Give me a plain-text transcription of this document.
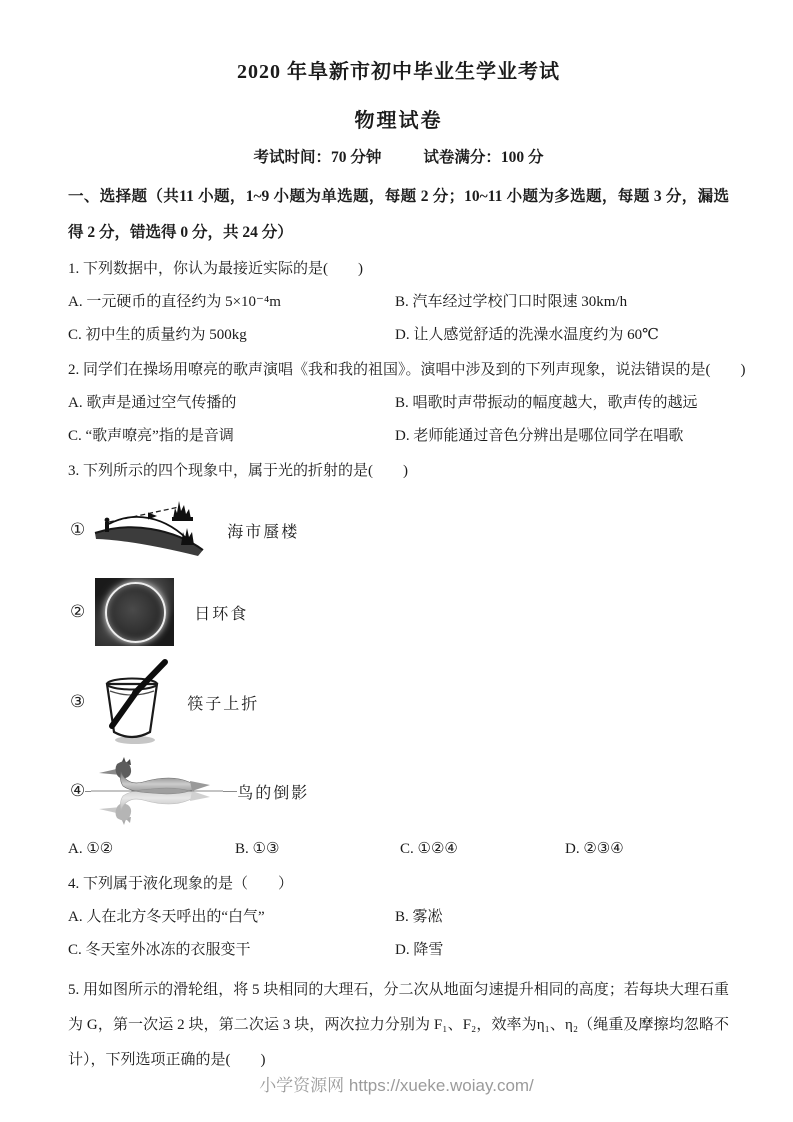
2020 年阜新市初中毕业生学业考试

物理试卷

考试时间：70 分钟	试卷满分：100 分

一、选择题（共11 小题，1~9 小题为单选题，每题 2 分；10~11 小题为多选题，每题 3 分，漏选得 2 分，错选得 0 分，共 24 分）

1. 下列数据中，你认为最接近实际的是(　　)

A. 一元硬币的直径约为 5×10⁻⁴m	B. 汽车经过学校门口时限速 30km/h
C. 初中生的质量约为 500kg	D. 让人感觉舒适的洗澡水温度约为 60℃

2. 同学们在操场用嘹亮的歌声演唱《我和我的祖国》。演唱中涉及到的下列声现象，说法错误的是(　　)

A. 歌声是通过空气传播的	B. 唱歌时声带振动的幅度越大，歌声传的越远
C. “歌声嘹亮”指的是音调	D. 老师能通过音色分辨出是哪位同学在唱歌

3. 下列所示的四个现象中，属于光的折射的是(　　)

①	海市蜃楼
②	日环食
③	筷子上折
④	鸟的倒影
A. ①②	B. ①③	C. ①②④	D. ②③④

4. 下列属于液化现象的是（　　）

A. 人在北方冬天呼出的“白气”	B. 雾凇
C. 冬天室外冰冻的衣服变干	D. 降雪

5. 用如图所示的滑轮组，将 5 块相同的大理石，分二次从地面匀速提升相同的高度；若每块大理石重为 G，第一次运 2 块，第二次运 3 块，两次拉力分别为 F₁、F₂，效率为η₁、η₂（绳重及摩擦均忽略不计），下列选项正确的是(　　)

小学资源网 https://xueke.woiay.com/
